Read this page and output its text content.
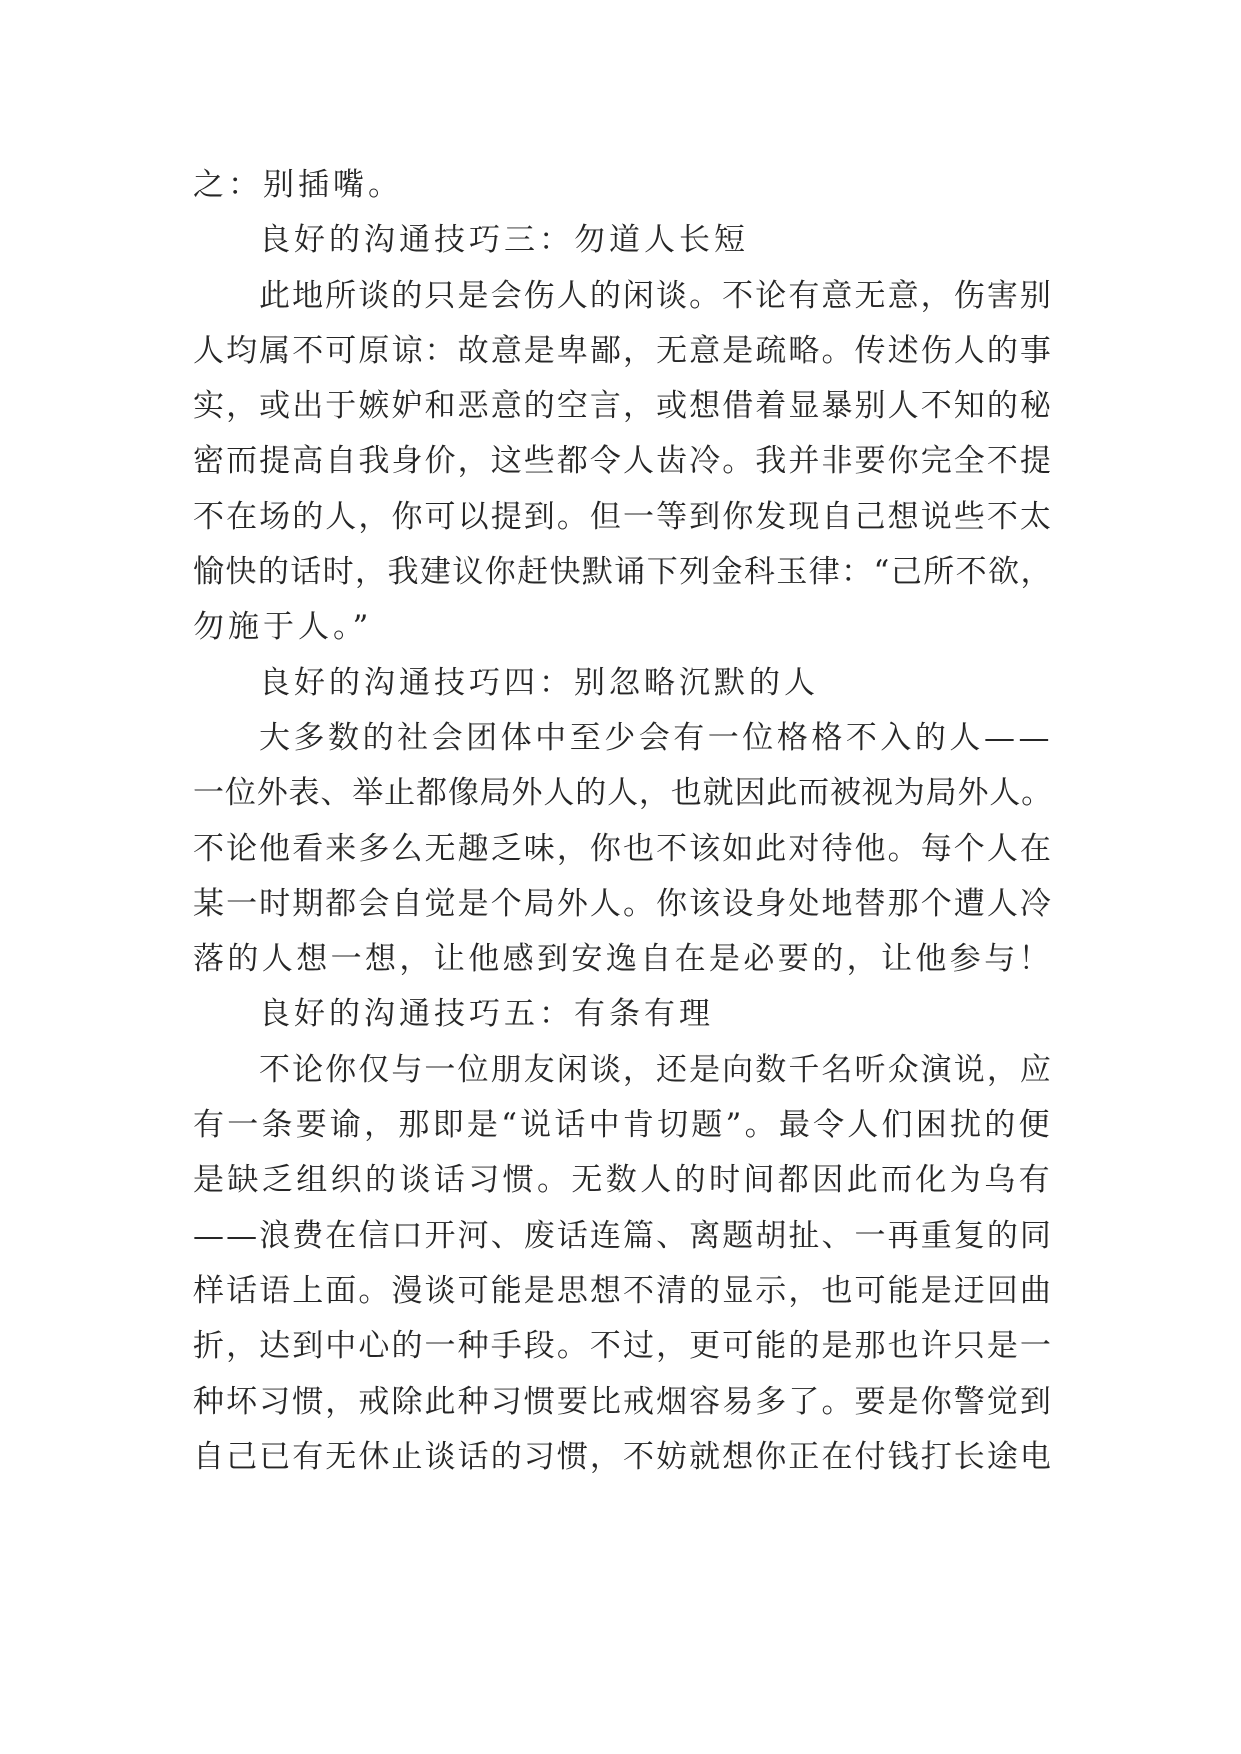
之：别插嘴。
良好的沟通技巧三：勿道人长短
此地所谈的只是会伤人的闲谈。不论有意无意，伤害别
人均属不可原谅：故意是卑鄙，无意是疏略。传述伤人的事
实，或出于嫉妒和恶意的空言，或想借着显暴别人不知的秘
密而提高自我身价，这些都令人齿冷。我并非要你完全不提
不在场的人，你可以提到。但一等到你发现自己想说些不太
愉快的话时，我建议你赶快默诵下列金科玉律：“己所不欲，
勿施于人。”
良好的沟通技巧四：别忽略沉默的人
大多数的社会团体中至少会有一位格格不入的人——
一位外表、举止都像局外人的人，也就因此而被视为局外人。
不论他看来多么无趣乏味，你也不该如此对待他。每个人在
某一时期都会自觉是个局外人。你该设身处地替那个遭人冷
落的人想一想，让他感到安逸自在是必要的，让他参与！
良好的沟通技巧五：有条有理
不论你仅与一位朋友闲谈，还是向数千名听众演说，应
有一条要谕，那即是“说话中肯切题”。最令人们困扰的便
是缺乏组织的谈话习惯。无数人的时间都因此而化为乌有
——浪费在信口开河、废话连篇、离题胡扯、一再重复的同
样话语上面。漫谈可能是思想不清的显示，也可能是迂回曲
折，达到中心的一种手段。不过，更可能的是那也许只是一
种坏习惯，戒除此种习惯要比戒烟容易多了。要是你警觉到
自己已有无休止谈话的习惯，不妨就想你正在付钱打长途电
